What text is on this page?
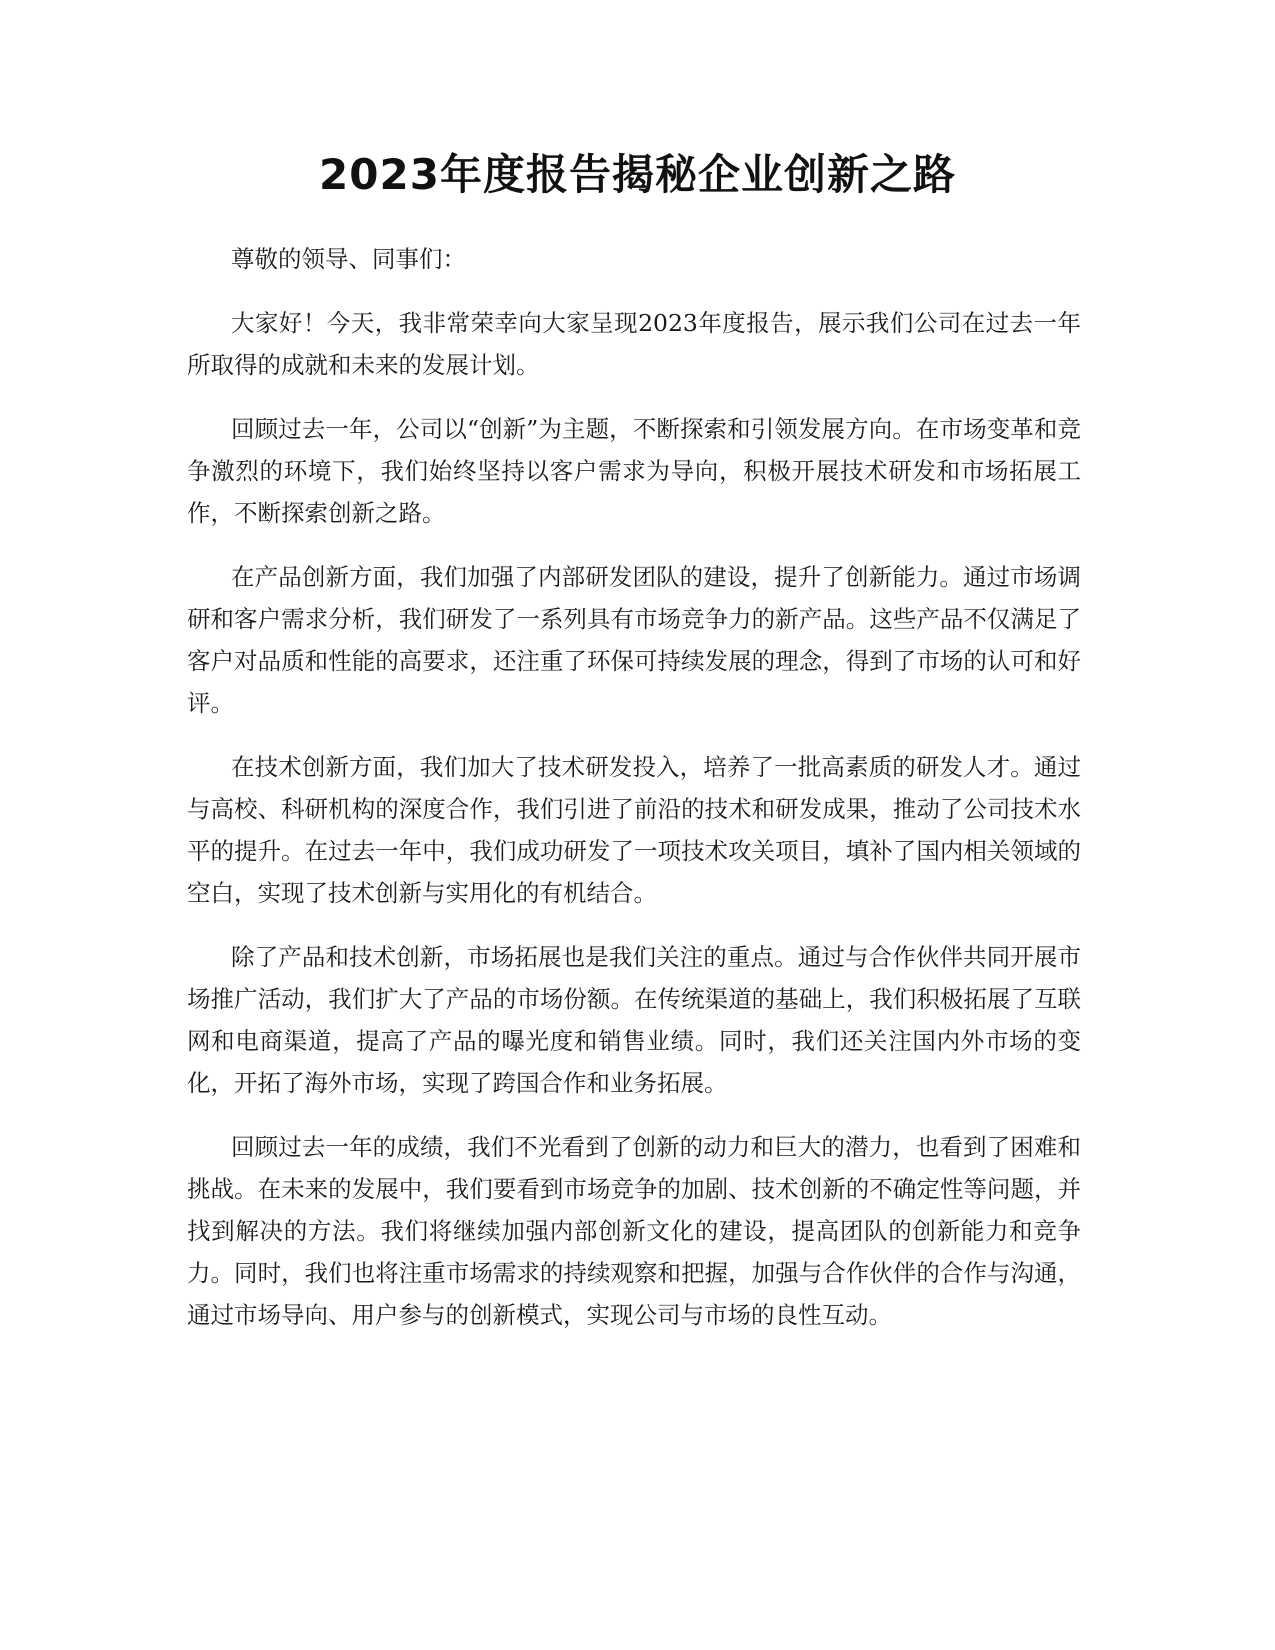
2023年度报告揭秘企业创新之路

尊敬的领导、同事们：

大家好！今天，我非常荣幸向大家呈现2023年度报告，展示我们公司在过去一年所取得的成就和未来的发展计划。

回顾过去一年，公司以“创新”为主题，不断探索和引领发展方向。在市场变革和竞争激烈的环境下，我们始终坚持以客户需求为导向，积极开展技术研发和市场拓展工作，不断探索创新之路。

在产品创新方面，我们加强了内部研发团队的建设，提升了创新能力。通过市场调研和客户需求分析，我们研发了一系列具有市场竞争力的新产品。这些产品不仅满足了客户对品质和性能的高要求，还注重了环保可持续发展的理念，得到了市场的认可和好评。

在技术创新方面，我们加大了技术研发投入，培养了一批高素质的研发人才。通过与高校、科研机构的深度合作，我们引进了前沿的技术和研发成果，推动了公司技术水平的提升。在过去一年中，我们成功研发了一项技术攻关项目，填补了国内相关领域的空白，实现了技术创新与实用化的有机结合。

除了产品和技术创新，市场拓展也是我们关注的重点。通过与合作伙伴共同开展市场推广活动，我们扩大了产品的市场份额。在传统渠道的基础上，我们积极拓展了互联网和电商渠道，提高了产品的曝光度和销售业绩。同时，我们还关注国内外市场的变化，开拓了海外市场，实现了跨国合作和业务拓展。

回顾过去一年的成绩，我们不光看到了创新的动力和巨大的潜力，也看到了困难和挑战。在未来的发展中，我们要看到市场竞争的加剧、技术创新的不确定性等问题，并找到解决的方法。我们将继续加强内部创新文化的建设，提高团队的创新能力和竞争力。同时，我们也将注重市场需求的持续观察和把握，加强与合作伙伴的合作与沟通，通过市场导向、用户参与的创新模式，实现公司与市场的良性互动。
